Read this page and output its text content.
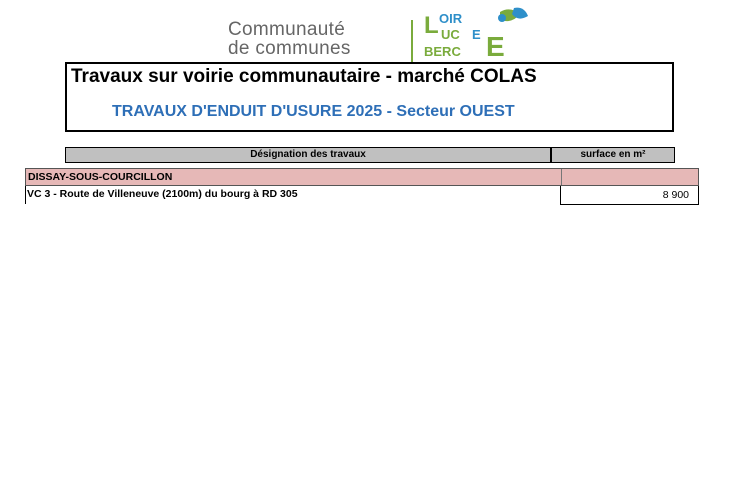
Communauté
de communes
L OIR
UC
BERC E
E
Travaux sur voirie communautaire - marché COLAS
TRAVAUX D'ENDUIT D'USURE 2025 - Secteur OUEST
Désignation des travaux	surface en m²
DISSAY-SOUS-COURCILLON
VC 3 - Route de Villeneuve (2100m) du bourg à RD 305	8 900
